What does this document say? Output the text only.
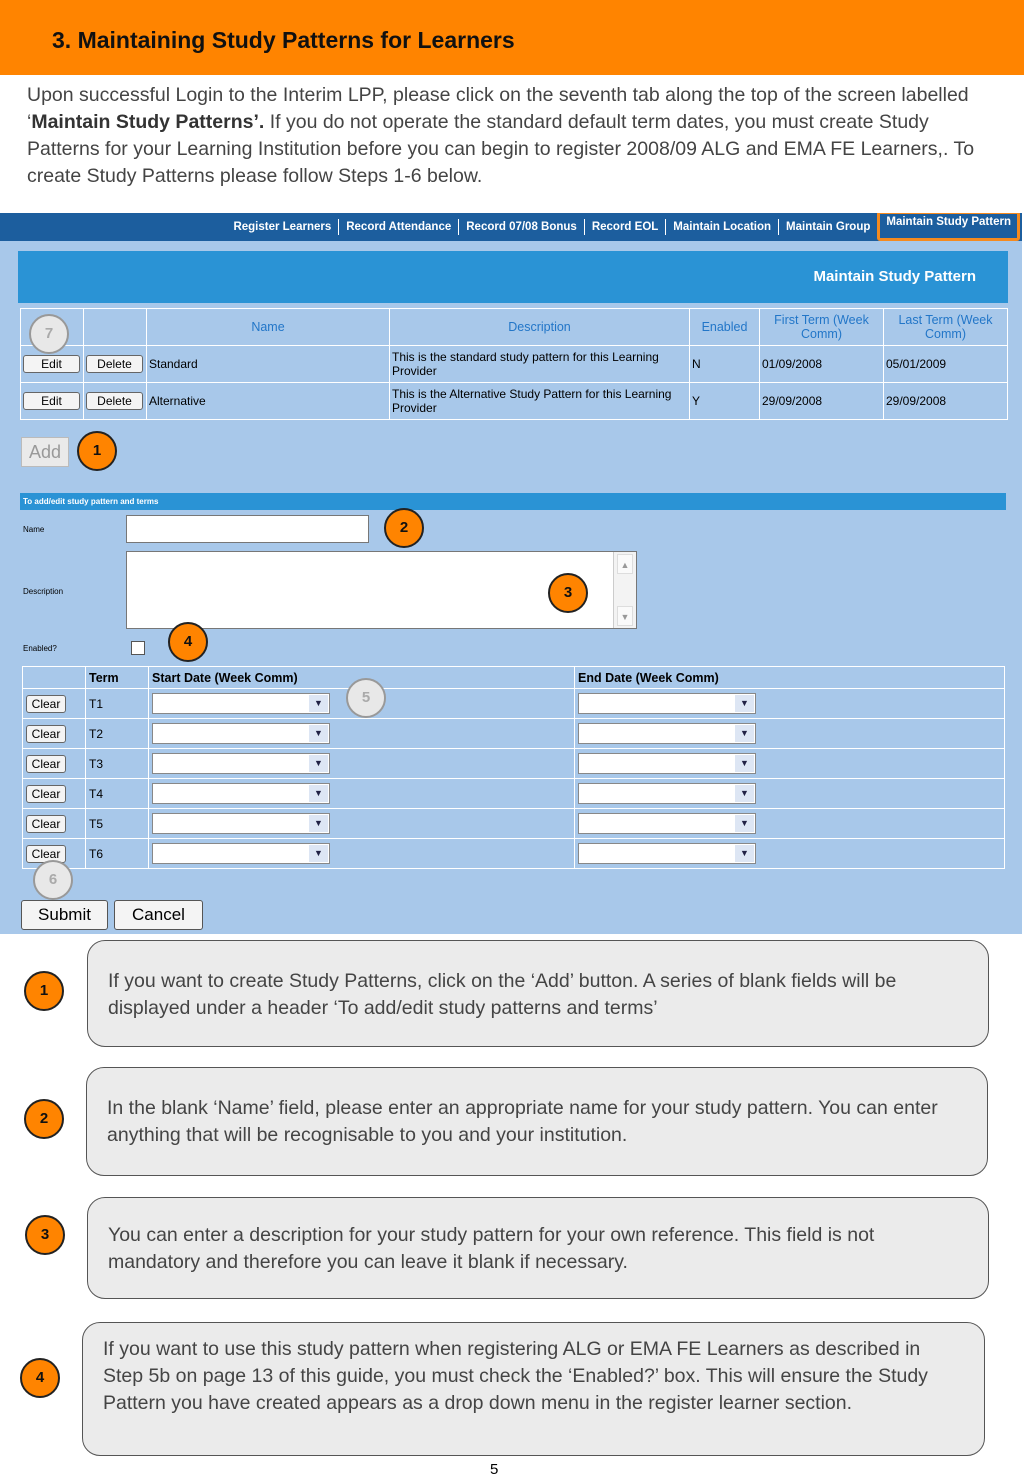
3. Maintaining Study Patterns for Learners

Upon successful Login to the Interim LPP, please click on the seventh tab along the top of the screen labelled ‘Maintain Study Patterns’. If you do not operate the standard default term dates, you must create Study Patterns for your Learning Institution before you can begin to register 2008/09 ALG and EMA FE Learners,. To create Study Patterns please follow Steps 1-6 below.

Register Learners	Record Attendance	Record 07/08 Bonus	Record EOL	Maintain Location	Maintain Group	Maintain Study Pattern
Maintain Study Pattern
		Name	Description	Enabled	First Term (Week Comm)	Last Term (Week Comm)
Edit	Delete	Standard	This is the standard study pattern for this Learning Provider	N	01/09/2008	05/01/2009
Edit	Delete	Alternative	This is the Alternative Study Pattern for this Learning Provider	Y	29/09/2008	29/09/2008
Add
To add/edit study pattern and terms
Name
Description
▲
▼
Enabled?
	Term	Start Date (Week Comm)	End Date (Week Comm)
Clear	T1	▼	▼

Clear	T2	▼	▼

Clear	T3	▼	▼

Clear	T4	▼	▼

Clear	T5	▼	▼

Clear	T6	▼	▼
Submit	Cancel
1
2
3
4
5
6
7
1	If you want to create Study Patterns, click on the ‘Add’ button. A series of blank fields will be displayed under a header ‘To add/edit study patterns and terms’
2	In the blank ‘Name’ field, please enter an appropriate name for your study pattern. You can enter anything that will be recognisable to you and your institution.
3	You can enter a description for your study pattern for your own reference. This field is not mandatory and therefore you can leave it blank if necessary.
4
If you want to use this study pattern when registering ALG or EMA FE Learners as described in Step 5b on page 13 of this guide, you must check the ‘Enabled?’ box. This will ensure the Study Pattern you have created appears as a drop down menu in the register learner section.
5
